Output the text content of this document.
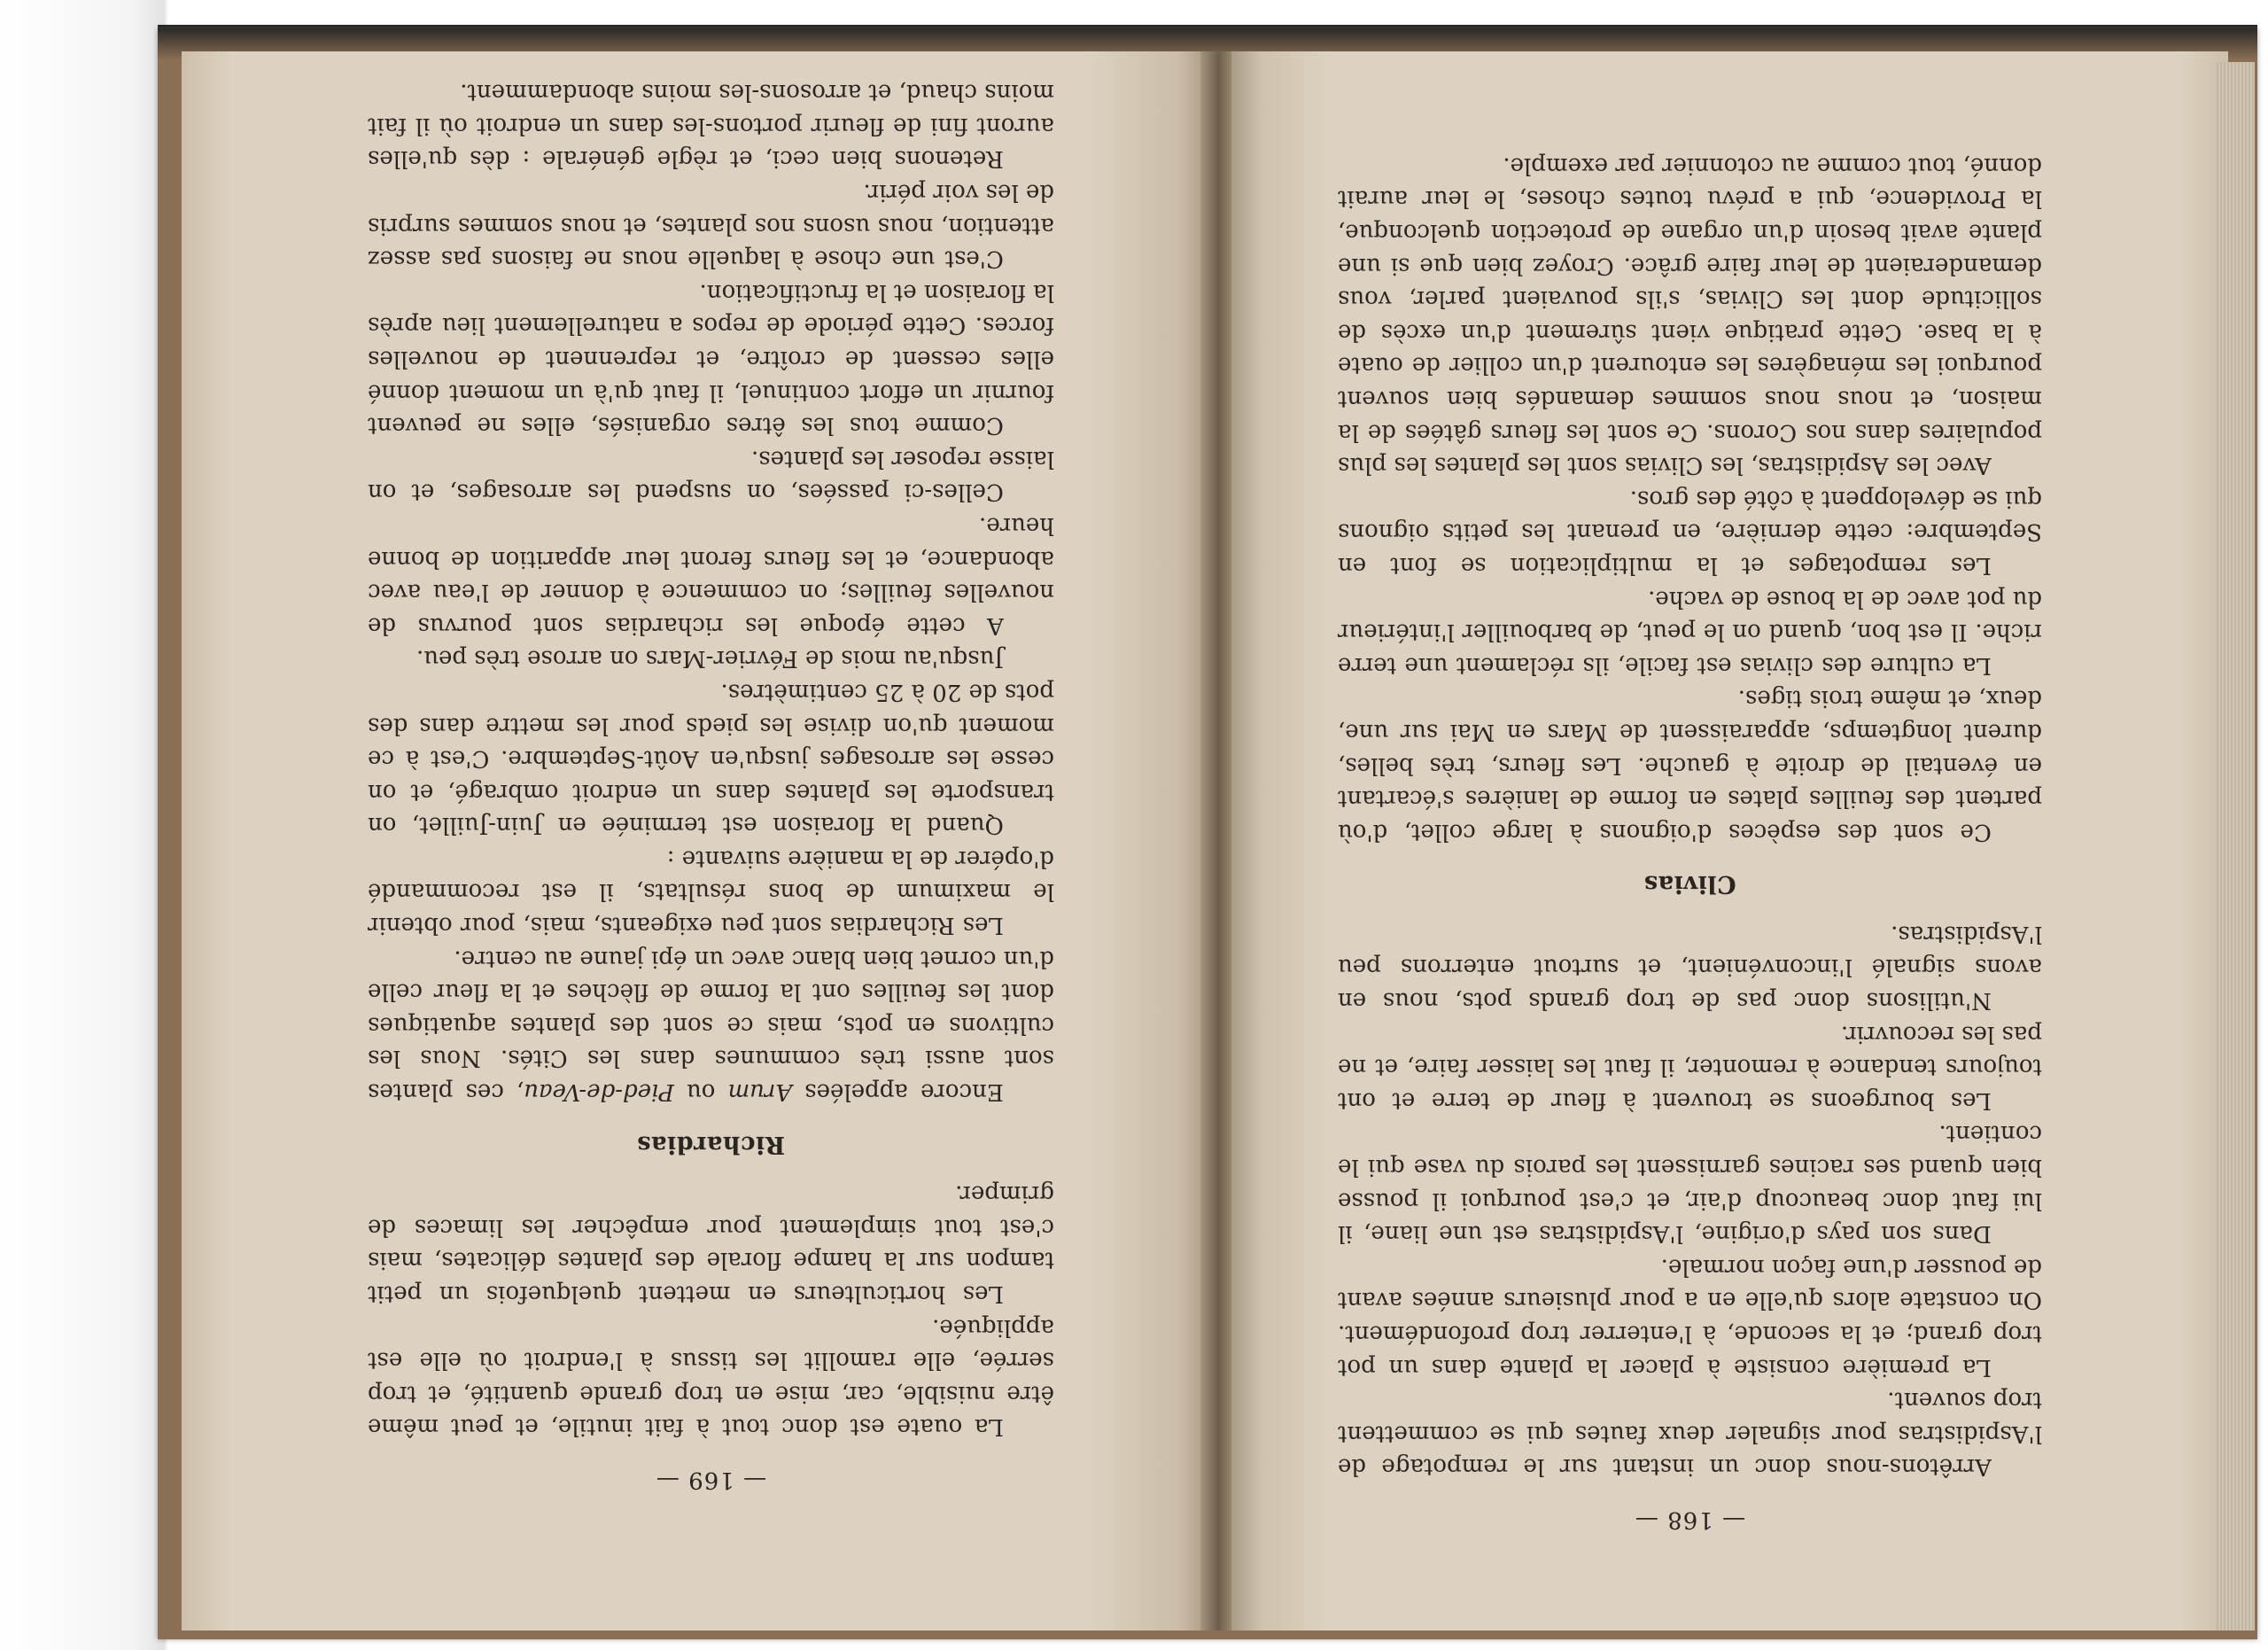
— 169 —

La ouate est donc tout à fait inutile, et peut même être nuisible, car, mise en trop grande quantité, et trop serrée, elle ramollit les tissus à l'endroit où elle est appliquée.

Les horticulteurs en mettent quelquefois un petit tampon sur la hampe florale des plantes délicates, mais c'est tout simplement pour empêcher les limaces de grimper.

Richardias

Encore appelées Arum ou Pied-de-Veau, ces plantes sont aussi très communes dans les Cités. Nous les cultivons en pots, mais ce sont des plantes aquatiques dont les feuilles ont la forme de flèches et la fleur celle d'un cornet bien blanc avec un épi jaune au centre.

Les Richardias sont peu exigeants, mais, pour obtenir le maximum de bons résultats, il est recommandé d'opérer de la manière suivante :

Quand la floraison est terminée en Juin-Juillet, on transporte les plantes dans un endroit ombragé, et on cesse les arrosages jusqu'en Août-Septembre. C'est à ce moment qu'on divise les pieds pour les mettre dans des pots de 20 à 25 centimètres.

Jusqu'au mois de Février-Mars on arrose très peu.

A cette époque les richardias sont pourvus de nouvelles feuilles; on commence à donner de l'eau avec abondance, et les fleurs feront leur apparition de bonne heure.

Celles-ci passées, on suspend les arrosages, et on laisse reposer les plantes.

Comme tous les êtres organisés, elles ne peuvent fournir un effort continuel, il faut qu'à un moment donné elles cessent de croître, et reprennent de nouvelles forces. Cette période de repos a naturellement lieu après la floraison et la fructification.

C'est une chose à laquelle nous ne faisons pas assez attention, nous usons nos plantes, et nous sommes surpris de les voir périr.

Retenons bien ceci, et règle générale : dès qu'elles auront fini de fleurir portons-les dans un endroit où il fait moins chaud, et arrosons-les moins abondamment.

— 168 —

Arrêtons-nous donc un instant sur le rempotage de l'Aspidistras pour signaler deux fautes qui se commettent trop souvent.

La première consiste à placer la plante dans un pot trop grand; et la seconde, à l'enterrer trop profondément. On constate alors qu'elle en a pour plusieurs années avant de pousser d'une façon normale.

Dans son pays d'origine, l'Aspidistras est une liane, il lui faut donc beaucoup d'air, et c'est pourquoi il pousse bien quand ses racines garnissent les parois du vase qui le contient.

Les bourgeons se trouvent à fleur de terre et ont toujours tendance à remonter, il faut les laisser faire, et ne pas les recouvrir.

N'utilisons donc pas de trop grands pots, nous en avons signalé l'inconvénient, et surtout enterrons peu l'Aspidistras.

Clivias

Ce sont des espèces d'oignons à large collet, d'où partent des feuilles plates en forme de lanières s'écartant en éventail de droite à gauche. Les fleurs, très belles, durent longtemps, apparaissent de Mars en Mai sur une, deux, et même trois tiges.

La culture des clivias est facile, ils réclament une terre riche. Il est bon, quand on le peut, de barbouiller l'intérieur du pot avec de la bouse de vache.

Les rempotages et la multiplication se font en Septembre: cette dernière, en prenant les petits oignons qui se développent à côté des gros.

Avec les Aspidistras, les Clivias sont les plantes les plus populaires dans nos Corons. Ce sont les fleurs gâtées de la maison, et nous nous sommes demandés bien souvent pourquoi les ménagères les entourent d'un collier de ouate à la base. Cette pratique vient sûrement d'un excès de sollicitude dont les Clivias, s'ils pouvaient parler, vous demanderaient de leur faire grâce. Croyez bien que si une plante avait besoin d'un organe de protection quelconque, la Providence, qui a prévu toutes choses, le leur aurait donné, tout comme au cotonnier par exemple.
